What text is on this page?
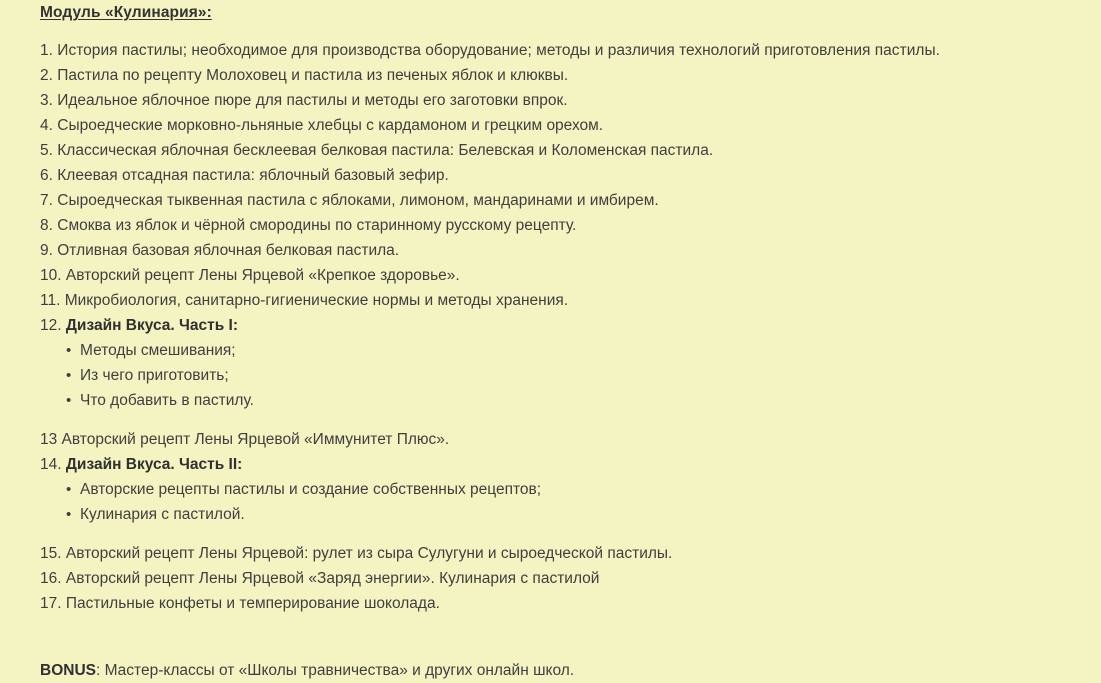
Модуль «Кулинария»:
1. История пастилы; необходимое для производства оборудование; методы и различия технологий приготовления пастилы.
2. Пастила по рецепту Молоховец и пастила из печеных яблок и клюквы.
3. Идеальное яблочное пюре для пастилы и методы его заготовки впрок.
4. Сыроедческие морковно-льняные хлебцы с кардамоном и грецким орехом.
5. Классическая яблочная бесклеевая белковая пастила: Белевская и Коломенская пастила.
6. Клеевая отсадная пастила: яблочный базовый зефир.
7. Сыроедческая тыквенная пастила с яблоками, лимоном, мандаринами и имбирем.
8. Смоква из яблок и чёрной смородины по старинному русскому рецепту.
9. Отливная базовая яблочная белковая пастила.
10. Авторский рецепт Лены Ярцевой «Крепкое здоровье».
11. Микробиология, санитарно-гигиенические нормы и методы хранения.
12. Дизайн Вкуса. Часть I:
• Методы смешивания;
• Из чего приготовить;
• Что добавить в пастилу.
13 Авторский рецепт Лены Ярцевой «Иммунитет Плюс».
14. Дизайн Вкуса. Часть II:
• Авторские рецепты пастилы и создание собственных рецептов;
• Кулинария с пастилой.
15. Авторский рецепт Лены Ярцевой: рулет из сыра Сулугуни и сыроедческой пастилы.
16. Авторский рецепт Лены Ярцевой «Заряд энергии». Кулинария с пастилой
17. Пастильные конфеты и темперирование шоколада.
BONUS: Мастер-классы от «Школы травничества» и других онлайн школ.
